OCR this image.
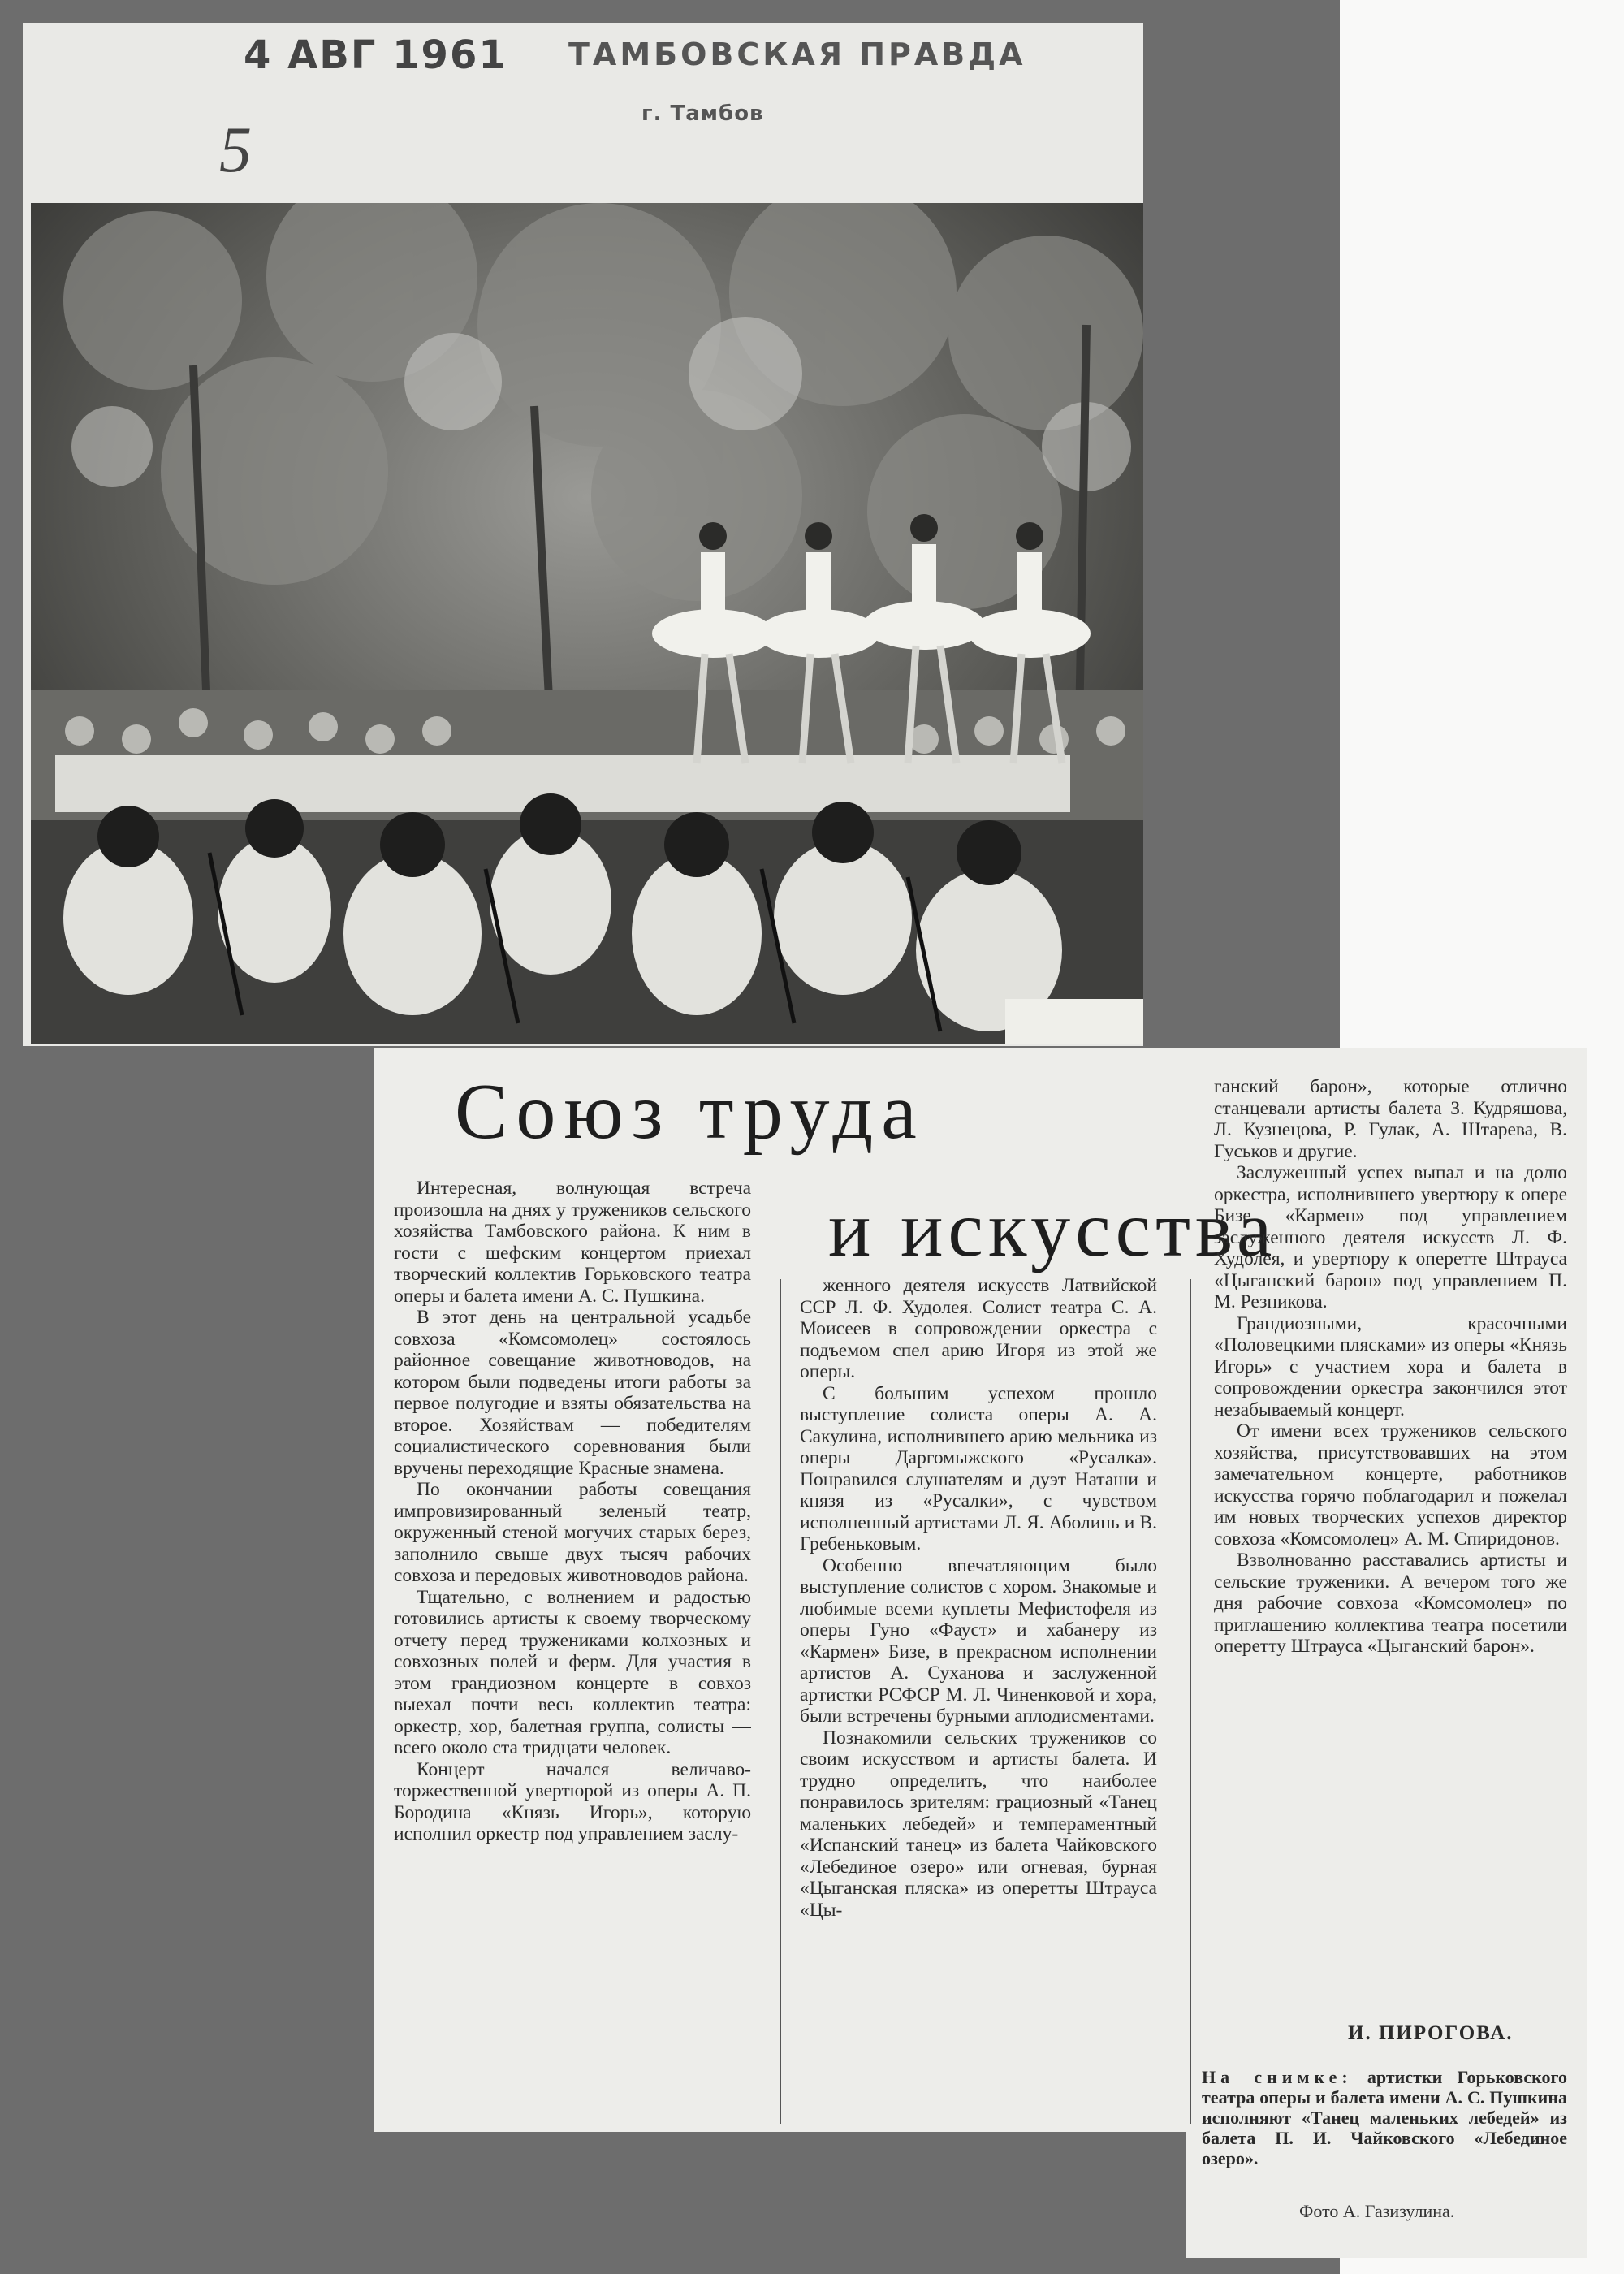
4 АВГ 1961 ТАМБОВСКАЯ ПРАВДА
г. Тамбов
5
Союз труда
и искусства

Интересная, волнующая встреча произошла на днях у тружеников сельского хозяйства Тамбовского района. К ним в гости с шефским концертом приехал творческий коллектив Горьковского театра оперы и балета имени А. С. Пушкина.

В этот день на центральной усадьбе совхоза «Комсомолец» состоялось районное совещание животноводов, на котором были подведены итоги работы за первое полугодие и взяты обязательства на второе. Хозяйствам — победителям социалистического соревнования были вручены переходящие Красные знамена.

По окончании работы совещания импровизированный зеленый театр, окруженный стеной могучих старых берез, заполнило свыше двух тысяч рабочих совхоза и передовых животноводов района.

Тщательно, с волнением и радостью готовились артисты к своему творческому отчету перед тружениками колхозных и совхозных полей и ферм. Для участия в этом грандиозном концерте в совхоз выехал почти весь коллектив театра: оркестр, хор, балетная группа, солисты — всего около ста тридцати человек.

Концерт начался величаво-торжественной увертюрой из оперы А. П. Бородина «Князь Игорь», которую исполнил оркестр под управлением заслу-

женного деятеля искусств Латвийской ССР Л. Ф. Худолея. Солист театра С. А. Моисеев в сопровождении оркестра с подъемом спел арию Игоря из этой же оперы.

С большим успехом прошло выступление солиста оперы А. А. Сакулина, исполнившего арию мельника из оперы Даргомыжского «Русалка». Понравился слушателям и дуэт Наташи и князя из «Русалки», с чувством исполненный артистами Л. Я. Аболинь и В. Гребеньковым.

Особенно впечатляющим было выступление солистов с хором. Знакомые и любимые всеми куплеты Мефистофеля из оперы Гуно «Фауст» и хабанеру из «Кармен» Бизе, в прекрасном исполнении артистов А. Суханова и заслуженной артистки РСФСР М. Л. Чиненковой и хора, были встречены бурными аплодисментами.

Познакомили сельских тружеников со своим искусством и артисты балета. И трудно определить, что наиболее понравилось зрителям: грациозный «Танец маленьких лебедей» и темпераментный «Испанский танец» из балета Чайковского «Лебединое озеро» или огневая, бурная «Цыганская пляска» из оперетты Штрауса «Цы-

ганский барон», которые отлично станцевали артисты балета З. Кудряшова, Л. Кузнецова, Р. Гулак, А. Штарева, В. Гуськов и другие.

Заслуженный успех выпал и на долю оркестра, исполнившего увертюру к опере Бизе «Кармен» под управлением заслуженного деятеля искусств Л. Ф. Худолея, и увертюру к оперетте Штрауса «Цыганский барон» под управлением П. М. Резникова.

Грандиозными, красочными «Половецкими плясками» из оперы «Князь Игорь» с участием хора и балета в сопровождении оркестра закончился этот незабываемый концерт.

От имени всех тружеников сельского хозяйства, присутствовавших на этом замечательном концерте, работников искусства горячо поблагодарил и пожелал им новых творческих успехов директор совхоза «Комсомолец» А. М. Спиридонов.

Взволнованно расставались артисты и сельские труженики. А вечером того же дня рабочие совхоза «Комсомолец» по приглашению коллектива театра посетили оперетту Штрауса «Цыганский барон».

И. ПИРОГОВА.
На снимке: артистки Горьковского театра оперы и балета имени А. С. Пушкина исполняют «Танец маленьких лебедей» из балета П. И. Чайковского «Лебединое озеро».
Фото А. Газизулина.
